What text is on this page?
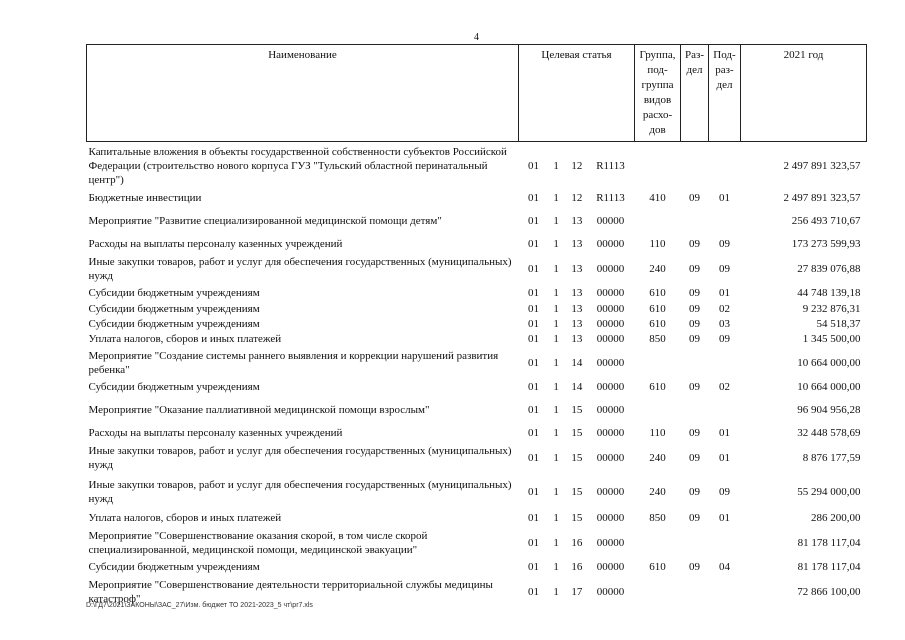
4
Наименование	Целевая статья	Группа, под-группа видов расхо-дов	Раз-дел	Под-раз-дел	2021 год
Капитальные вложения в объекты государственной собственности субъектов Российской Федерации (строительство нового корпуса ГУЗ "Тульский областной перинатальный центр")	01 1 12 R1113				2 497 891 323,57
Бюджетные инвестиции	01 1 12 R1113	410	09	01	2 497 891 323,57
Мероприятие "Развитие специализированной медицинской помощи детям"	01 1 13 00000				256 493 710,67
Расходы на выплаты персоналу казенных учреждений	01 1 13 00000	110	09	09	173 273 599,93
Иные закупки товаров, работ и услуг для обеспечения государственных (муниципальных) нужд	01 1 13 00000	240	09	09	27 839 076,88
Субсидии бюджетным учреждениям	01 1 13 00000	610	09	01	44 748 139,18
Субсидии бюджетным учреждениям	01 1 13 00000	610	09	02	9 232 876,31
Субсидии бюджетным учреждениям	01 1 13 00000	610	09	03	54 518,37
Уплата налогов, сборов и иных платежей	01 1 13 00000	850	09	09	1 345 500,00
Мероприятие "Создание системы раннего выявления и коррекции нарушений развития ребенка"	01 1 14 00000				10 664 000,00
Субсидии бюджетным учреждениям	01 1 14 00000	610	09	02	10 664 000,00
Мероприятие "Оказание паллиативной медицинской помощи взрослым"	01 1 15 00000				96 904 956,28
Расходы на выплаты персоналу казенных учреждений	01 1 15 00000	110	09	01	32 448 578,69
Иные закупки товаров, работ и услуг для обеспечения государственных (муниципальных) нужд	01 1 15 00000	240	09	01	8 876 177,59
Иные закупки товаров, работ и услуг для обеспечения государственных (муниципальных) нужд	01 1 15 00000	240	09	09	55 294 000,00
Уплата налогов, сборов и иных платежей	01 1 15 00000	850	09	01	286 200,00
Мероприятие "Совершенствование оказания скорой, в том числе скорой специализированной, медицинской помощи, медицинской эвакуации"	01 1 16 00000				81 178 117,04
Субсидии бюджетным учреждениям	01 1 16 00000	610	09	04	81 178 117,04
Мероприятие "Совершенствование деятельности территориальной службы медицины катастроф"	01 1 17 00000				72 866 100,00
D:\ГД7\2021\ЗАКОНЫ\ЗАС_27\Изм. бюджет ТО 2021-2023_5 чт\pr7.xls
